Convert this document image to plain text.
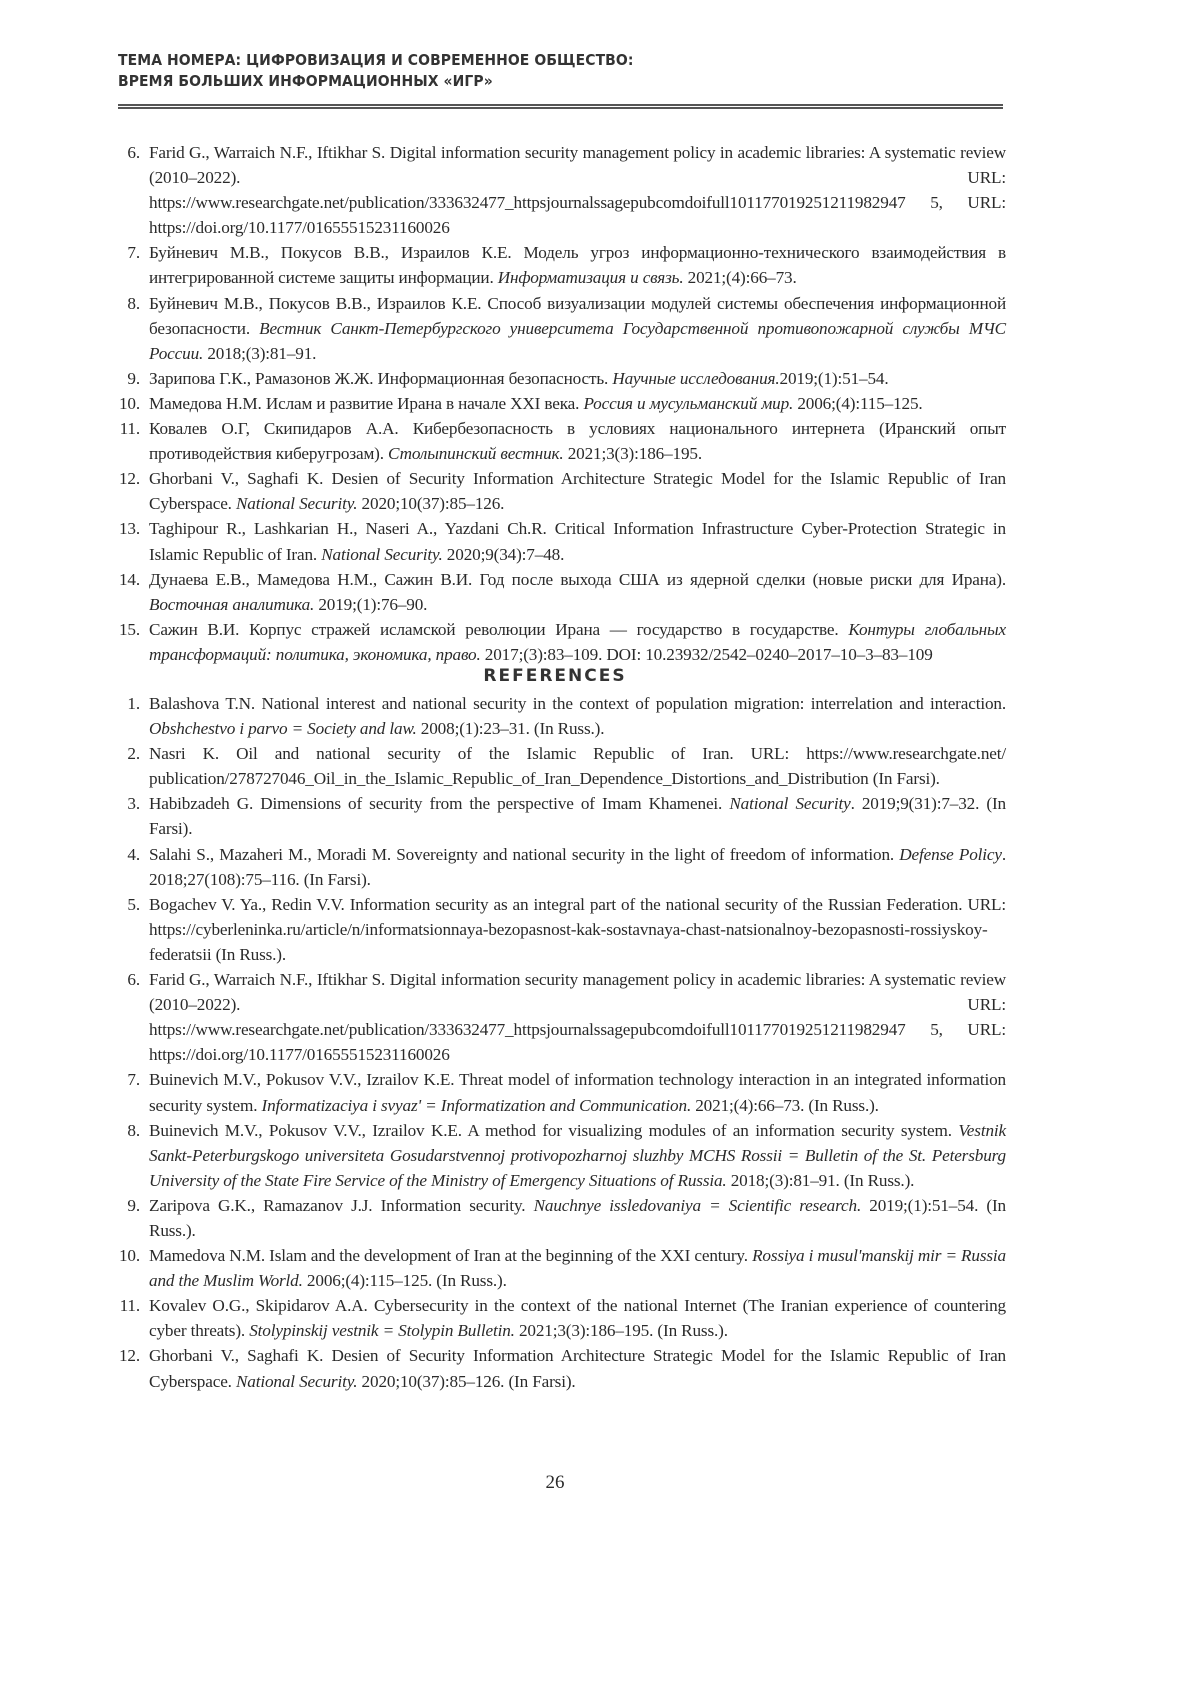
ТЕМА НОМЕРА: ЦИФРОВИЗАЦИЯ И СОВРЕМЕННОЕ ОБЩЕСТВО:
ВРЕМЯ БОЛЬШИХ ИНФОРМАЦИОННЫХ «ИГР»
6. Farid G., Warraich N.F., Iftikhar S. Digital information security management policy in academic libraries: A systematic review (2010–2022). URL: https://www.researchgate.net/publication/333632477_httpsjournalssagepubcomdoifull101177019251211982947 5, URL: https://doi.org/10.1177/01655515231160026
7. Буйневич М.В., Покусов В.В., Израилов К.Е. Модель угроз информационно-технического взаимодействия в интегрированной системе защиты информации. Информатизация и связь. 2021;(4):66–73.
8. Буйневич М.В., Покусов В.В., Израилов К.Е. Способ визуализации модулей системы обеспечения информационной безопасности. Вестник Санкт-Петербургского университета Государственной противопожарной службы МЧС России. 2018;(3):81–91.
9. Зарипова Г.К., Рамазонов Ж.Ж. Информационная безопасность. Научные исследования.2019;(1):51–54.
10. Мамедова Н.М. Ислам и развитие Ирана в начале XXI века. Россия и мусульманский мир. 2006;(4):115–125.
11. Ковалев О.Г, Скипидаров А.А. Кибербезопасность в условиях национального интернета (Иранский опыт противодействия киберугрозам). Столыпинский вестник. 2021;3(3):186–195.
12. Ghorbani V., Saghafi K. Desien of Security Information Architecture Strategic Model for the Islamic Republic of Iran Cyberspace. National Security. 2020;10(37):85–126.
13. Taghipour R., Lashkarian H., Naseri A., Yazdani Ch.R. Critical Information Infrastructure Cyber-Protection Strategic in Islamic Republic of Iran. National Security. 2020;9(34):7–48.
14. Дунаева Е.В., Мамедова Н.М., Сажин В.И. Год после выхода США из ядерной сделки (новые риски для Ирана). Восточная аналитика. 2019;(1):76–90.
15. Сажин В.И. Корпус стражей исламской революции Ирана — государство в государстве. Контуры глобальных трансформаций: политика, экономика, право. 2017;(3):83–109. DOI: 10.23932/2542–0240–2017–10–3–83–109
REFERENCES
1. Balashova T.N. National interest and national security in the context of population migration: interrelation and interaction. Obshchestvo i parvo = Society and law. 2008;(1):23–31. (In Russ.).
2. Nasri K. Oil and national security of the Islamic Republic of Iran. URL: https://www.researchgate.net/ publication/278727046_Oil_in_the_Islamic_Republic_of_Iran_Dependence_Distortions_and_Distribution (In Farsi).
3. Habibzadeh G. Dimensions of security from the perspective of Imam Khamenei. National Security. 2019;9(31):7–32. (In Farsi).
4. Salahi S., Mazaheri M., Moradi M. Sovereignty and national security in the light of freedom of information. Defense Policy. 2018;27(108):75–116. (In Farsi).
5. Bogachev V. Ya., Redin V.V. Information security as an integral part of the national security of the Russian Federation. URL: https://cyberleninka.ru/article/n/informatsionnaya-bezopasnost-kak-sostavnaya-chast-natsionalnoy-bezopasnosti-rossiyskoy-federatsii (In Russ.).
6. Farid G., Warraich N.F., Iftikhar S. Digital information security management policy in academic libraries: A systematic review (2010–2022). URL: https://www.researchgate.net/publication/333632477_httpsjournalssagepubcomdoifull101177019251211982947 5, URL: https://doi.org/10.1177/01655515231160026
7. Buinevich M.V., Pokusov V.V., Izrailov K.E. Threat model of information technology interaction in an integrated information security system. Informatizaciya i svyaz' = Informatization and Communication. 2021;(4):66–73. (In Russ.).
8. Buinevich M.V., Pokusov V.V., Izrailov K.E. A method for visualizing modules of an information security system. Vestnik Sankt-Peterburgskogo universiteta Gosudarstvennoj protivopozharnoj sluzhby MCHS Rossii = Bulletin of the St. Petersburg University of the State Fire Service of the Ministry of Emergency Situations of Russia. 2018;(3):81–91. (In Russ.).
9. Zaripova G.K., Ramazanov J.J. Information security. Nauchnye issledovaniya = Scientific research. 2019;(1):51–54. (In Russ.).
10. Mamedova N.M. Islam and the development of Iran at the beginning of the XXI century. Rossiya i musul'manskij mir = Russia and the Muslim World. 2006;(4):115–125. (In Russ.).
11. Kovalev O.G., Skipidarov A.A. Cybersecurity in the context of the national Internet (The Iranian experience of countering cyber threats). Stolypinskij vestnik = Stolypin Bulletin. 2021;3(3):186–195. (In Russ.).
12. Ghorbani V., Saghafi K. Desien of Security Information Architecture Strategic Model for the Islamic Republic of Iran Cyberspace. National Security. 2020;10(37):85–126. (In Farsi).
26
